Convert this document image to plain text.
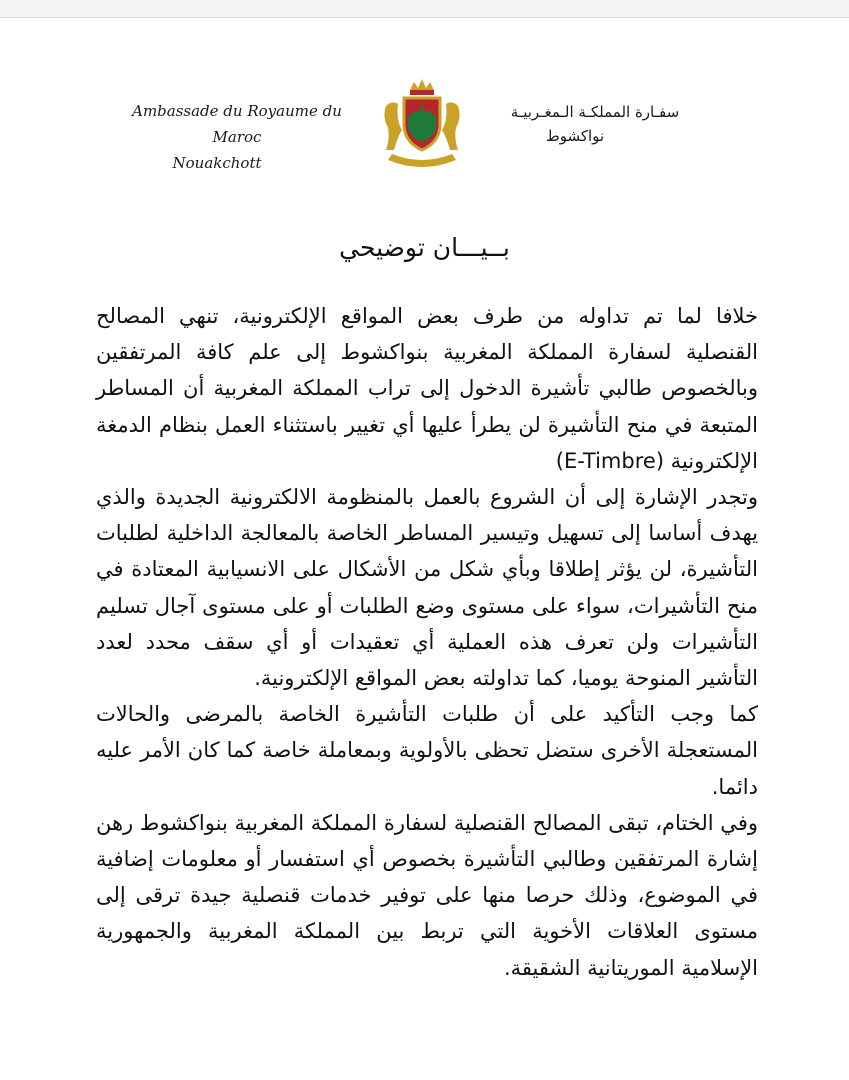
Ambassade du Royaume du Maroc
Nouakchott
سفـارة المملكـة الـمغـربيـة
نواكشوط
بــيـــان توضيحي

خلافا لما تم تداوله من طرف بعض المواقع الإلكترونية، تنهي المصالح القنصلية لسفارة المملكة المغربية بنواكشوط إلى علم كافة المرتفقين وبالخصوص طالبي تأشيرة الدخول إلى تراب المملكة المغربية أن المساطر المتبعة في منح التأشيرة لن يطرأ عليها أي تغيير باستثناء العمل بنظام الدمغة الإلكترونية (E-Timbre)

وتجدر الإشارة إلى أن الشروع بالعمل بالمنظومة الالكترونية الجديدة والذي يهدف أساسا إلى تسهيل وتيسير المساطر الخاصة بالمعالجة الداخلية لطلبات التأشيرة، لن يؤثر إطلاقا وبأي شكل من الأشكال على الانسيابية المعتادة في منح التأشيرات، سواء على مستوى وضع الطلبات أو على مستوى آجال تسليم التأشيرات ولن تعرف هذه العملية أي تعقيدات أو أي سقف محدد لعدد التأشير المنوحة يوميا، كما تداولته بعض المواقع الإلكترونية.

كما وجب التأكيد على أن طلبات التأشيرة الخاصة بالمرضى والحالات المستعجلة الأخرى ستضل تحظى بالأولوية وبمعاملة خاصة كما كان الأمر عليه دائما.

وفي الختام، تبقى المصالح القنصلية لسفارة المملكة المغربية بنواكشوط رهن إشارة المرتفقين وطالبي التأشيرة بخصوص أي استفسار أو معلومات إضافية في الموضوع، وذلك حرصا منها على توفير خدمات قنصلية جيدة ترقى إلى مستوى العلاقات الأخوية التي تربط بين المملكة المغربية والجمهورية الإسلامية الموريتانية الشقيقة.
